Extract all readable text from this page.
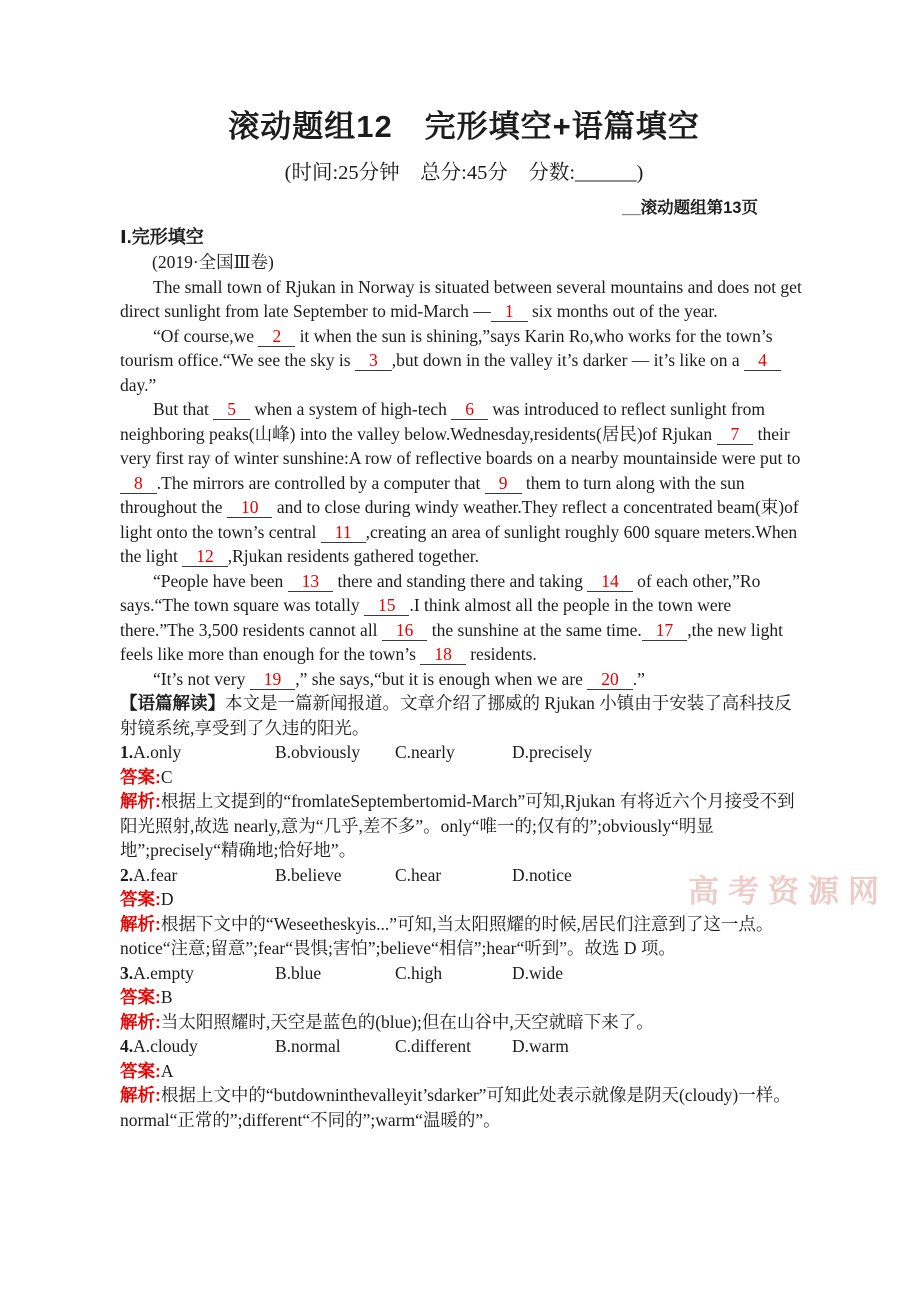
高考资源网
滚动题组12　完形填空+语篇填空
(时间:25分钟　总分:45分　分数:______)
__滚动题组第13页
Ⅰ.完形填空
(2019·全国Ⅲ卷)

The small town of Rjukan in Norway is situated between several mountains and does not get direct sunlight from late September to mid-March — 1 six months out of the year.

“Of course,we 2 it when the sun is shining,”says Karin Ro,who works for the town’s tourism office.“We see the sky is 3 ,but down in the valley it’s darker — it’s like on a 4 day.”

But that 5 when a system of high-tech 6 was introduced to reflect sunlight from neighboring peaks(山峰) into the valley below.Wednesday,residents(居民)of Rjukan 7 their very first ray of winter sunshine:A row of reflective boards on a nearby mountainside were put to 8 .The mirrors are controlled by a computer that 9 them to turn along with the sun throughout the 10 and to close during windy weather.They reflect a concentrated beam(束)of light onto the town’s central 11 ,creating an area of sunlight roughly 600 square meters.When the light 12 ,Rjukan residents gathered together.

“People have been 13 there and standing there and taking 14 of each other,”Ro says.“The town square was totally 15 .I think almost all the people in the town were there.”The 3,500 residents cannot all 16 the sunshine at the same time. 17 ,the new light feels like more than enough for the town’s 18 residents.

“It’s not very 19 ,” she says,“but it is enough when we are 20 .”

【语篇解读】本文是一篇新闻报道。文章介绍了挪威的 Rjukan 小镇由于安装了高科技反射镜系统,享受到了久违的阳光。

1.A.only	B.obviously	C.nearly	D.precisely
答案:C

解析:根据上文提到的“fromlateSeptembertomid-March”可知,Rjukan 有将近六个月接受不到阳光照射,故选 nearly,意为“几乎,差不多”。only“唯一的;仅有的”;obviously“明显地”;precisely“精确地;恰好地”。

2.A.fear	B.believe	C.hear	D.notice
答案:D

解析:根据下文中的“Weseetheskyis...”可知,当太阳照耀的时候,居民们注意到了这一点。notice“注意;留意”;fear“畏惧;害怕”;believe“相信”;hear“听到”。故选 D 项。

3.A.empty	B.blue	C.high	D.wide
答案:B

解析:当太阳照耀时,天空是蓝色的(blue);但在山谷中,天空就暗下来了。

4.A.cloudy	B.normal	C.different	D.warm
答案:A

解析:根据上文中的“butdowninthevalleyit’sdarker”可知此处表示就像是阴天(cloudy)一样。normal“正常的”;different“不同的”;warm“温暖的”。
